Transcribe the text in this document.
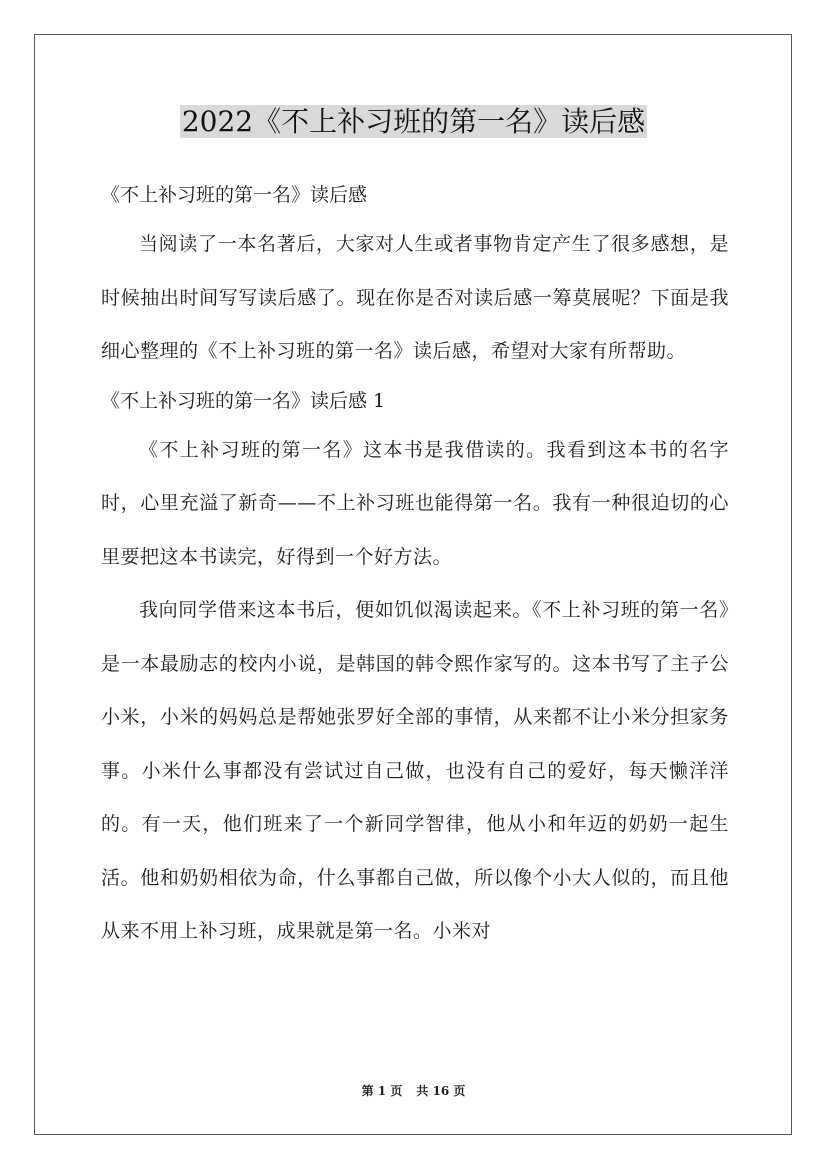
2022《不上补习班的第一名》读后感

《不上补习班的第一名》读后感

当阅读了一本名著后，大家对人生或者事物肯定产生了很多感想，是时候抽出时间写写读后感了。现在你是否对读后感一筹莫展呢？下面是我细心整理的《不上补习班的第一名》读后感，希望对大家有所帮助。

《不上补习班的第一名》读后感 1

《不上补习班的第一名》这本书是我借读的。我看到这本书的名字时，心里充溢了新奇——不上补习班也能得第一名。我有一种很迫切的心里要把这本书读完，好得到一个好方法。

我向同学借来这本书后，便如饥似渴读起来。《不上补习班的第一名》是一本最励志的校内小说，是韩国的韩令熙作家写的。这本书写了主子公小米，小米的妈妈总是帮她张罗好全部的事情，从来都不让小米分担家务事。小米什么事都没有尝试过自己做，也没有自己的爱好，每天懒洋洋的。有一天，他们班来了一个新同学智律，他从小和年迈的奶奶一起生活。他和奶奶相依为命，什么事都自己做，所以像个小大人似的，而且他从来不用上补习班，成果就是第一名。小米对

第 1 页 共 16 页
